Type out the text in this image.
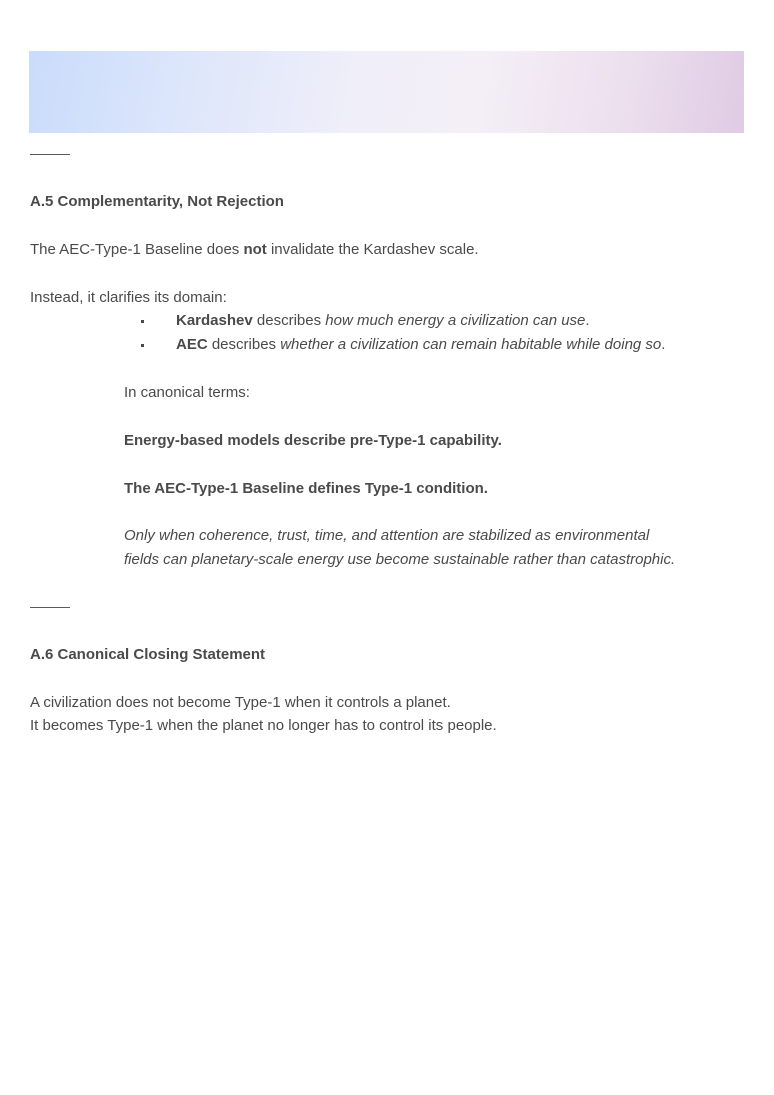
A.5 Complementarity, Not Rejection
The AEC-Type-1 Baseline does not invalidate the Kardashev scale.
Instead, it clarifies its domain:
Kardashev describes how much energy a civilization can use.
AEC describes whether a civilization can remain habitable while doing so.
In canonical terms:
Energy-based models describe pre-Type-1 capability.
The AEC-Type-1 Baseline defines Type-1 condition.
Only when coherence, trust, time, and attention are stabilized as environmental
fields can planetary-scale energy use become sustainable rather than catastrophic.
A.6 Canonical Closing Statement
A civilization does not become Type-1 when it controls a planet.
It becomes Type-1 when the planet no longer has to control its people.
